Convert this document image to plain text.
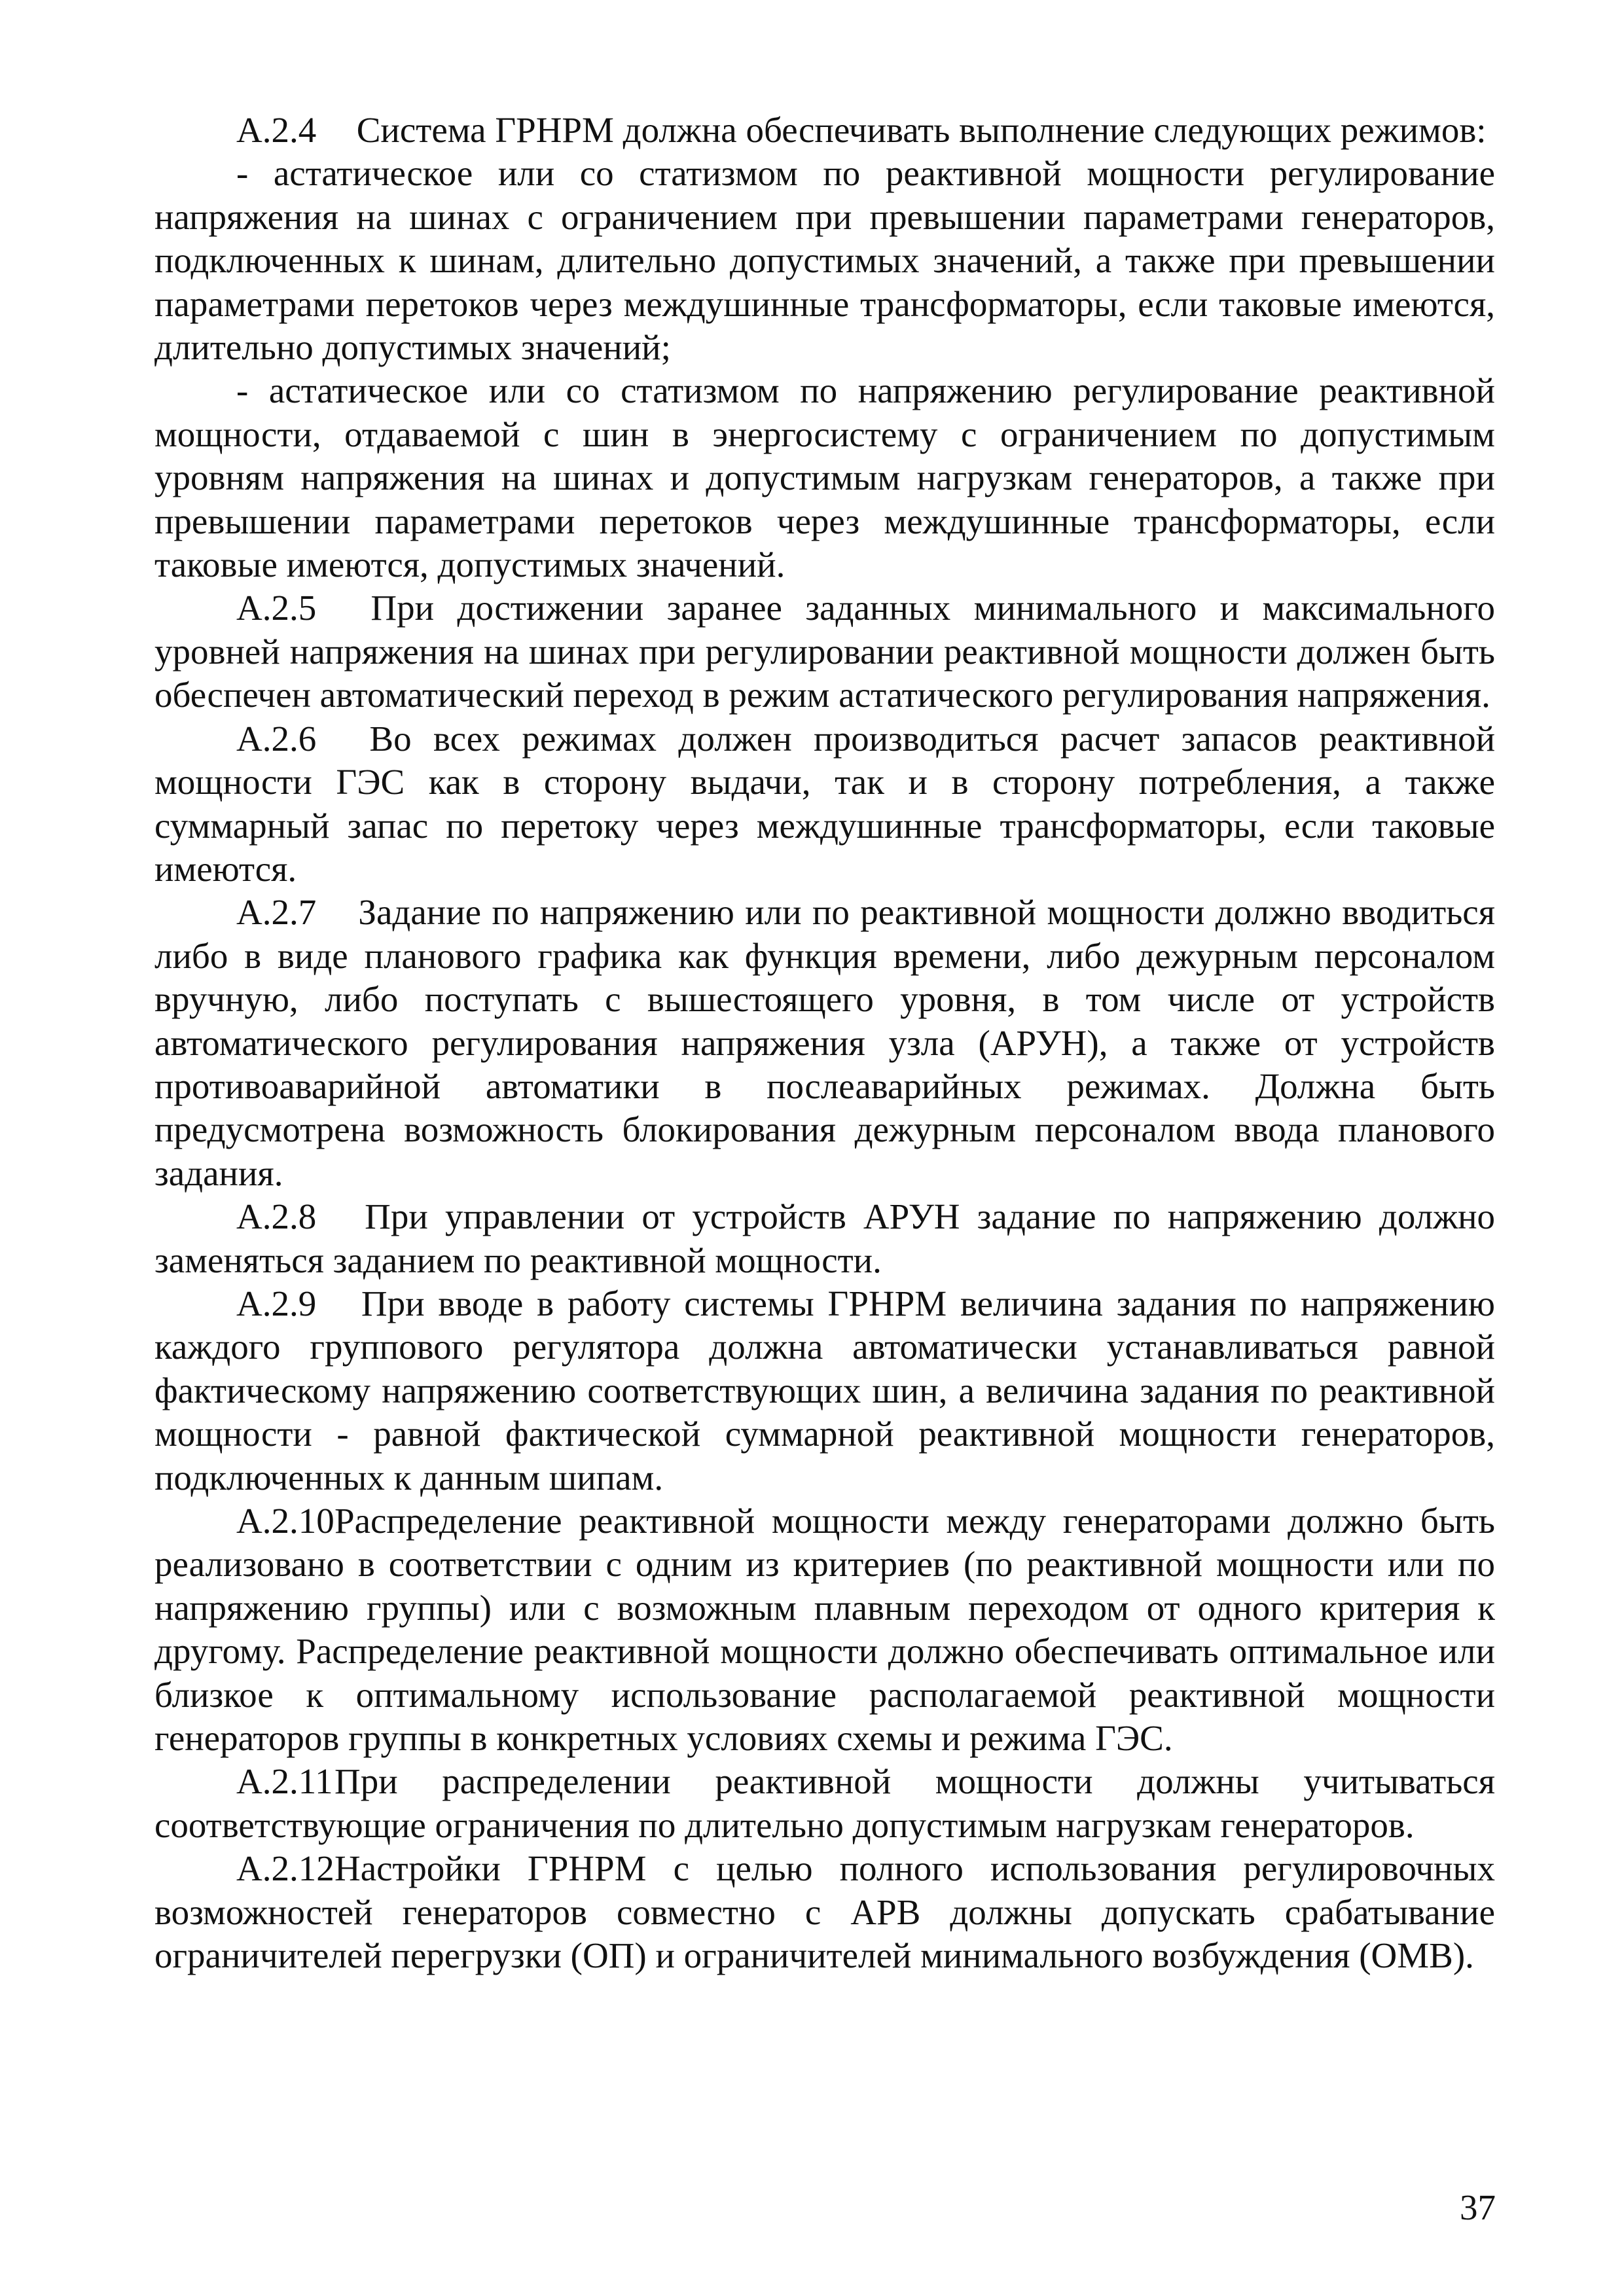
А.2.4 Система ГРНРМ должна обеспечивать выполнение следующих режимов:

- астатическое или со статизмом по реактивной мощности регулирование напряжения на шинах с ограничением при превышении параметрами генераторов, подключенных к шинам, длительно допустимых значений, а также при превышении параметрами перетоков через междушинные трансформаторы, если таковые имеются, длительно допустимых значений;

- астатическое или со статизмом по напряжению регулирование реактивной мощности, отдаваемой с шин в энергосистему с ограничением по допустимым уровням напряжения на шинах и допустимым нагрузкам генераторов, а также при превышении параметрами перетоков через междушинные трансформаторы, если таковые имеются, допустимых значений.

А.2.5 При достижении заранее заданных минимального и максимального уровней напряжения на шинах при регулировании реактивной мощности должен быть обеспечен автоматический переход в режим астатического регулирования напряжения.

А.2.6 Во всех режимах должен производиться расчет запасов реактивной мощности ГЭС как в сторону выдачи, так и в сторону потребления, а также суммарный запас по перетоку через междушинные трансформаторы, если таковые имеются.

А.2.7 Задание по напряжению или по реактивной мощности должно вводиться либо в виде планового графика как функция времени, либо дежурным персоналом вручную, либо поступать с вышестоящего уровня, в том числе от устройств автоматического регулирования напряжения узла (АРУН), а также от устройств противоаварийной автоматики в послеаварийных режимах. Должна быть предусмотрена возможность блокирования дежурным персоналом ввода планового задания.

А.2.8 При управлении от устройств АРУН задание по напряжению должно заменяться заданием по реактивной мощности.

А.2.9 При вводе в работу системы ГРНРМ величина задания по напряжению каждого группового регулятора должна автоматически устанавливаться равной фактическому напряжению соответствующих шин, а величина задания по реактивной мощности - равной фактической суммарной реактивной мощности генераторов, подключенных к данным шипам.

А.2.10Распределение реактивной мощности между генераторами должно быть реализовано в соответствии с одним из критериев (по реактивной мощности или по напряжению группы) или с возможным плавным переходом от одного критерия к другому. Распределение реактивной мощности должно обеспечивать оптимальное или близкое к оптимальному использование располагаемой реактивной мощности генераторов группы в конкретных условиях схемы и режима ГЭС.

А.2.11При распределении реактивной мощности должны учитываться соответствующие ограничения по длительно допустимым нагрузкам генераторов.

А.2.12Настройки ГРНРМ с целью полного использования регулировочных возможностей генераторов совместно с АРВ должны допускать срабатывание ограничителей перегрузки (ОП) и ограничителей минимального возбуждения (ОМВ).

37
